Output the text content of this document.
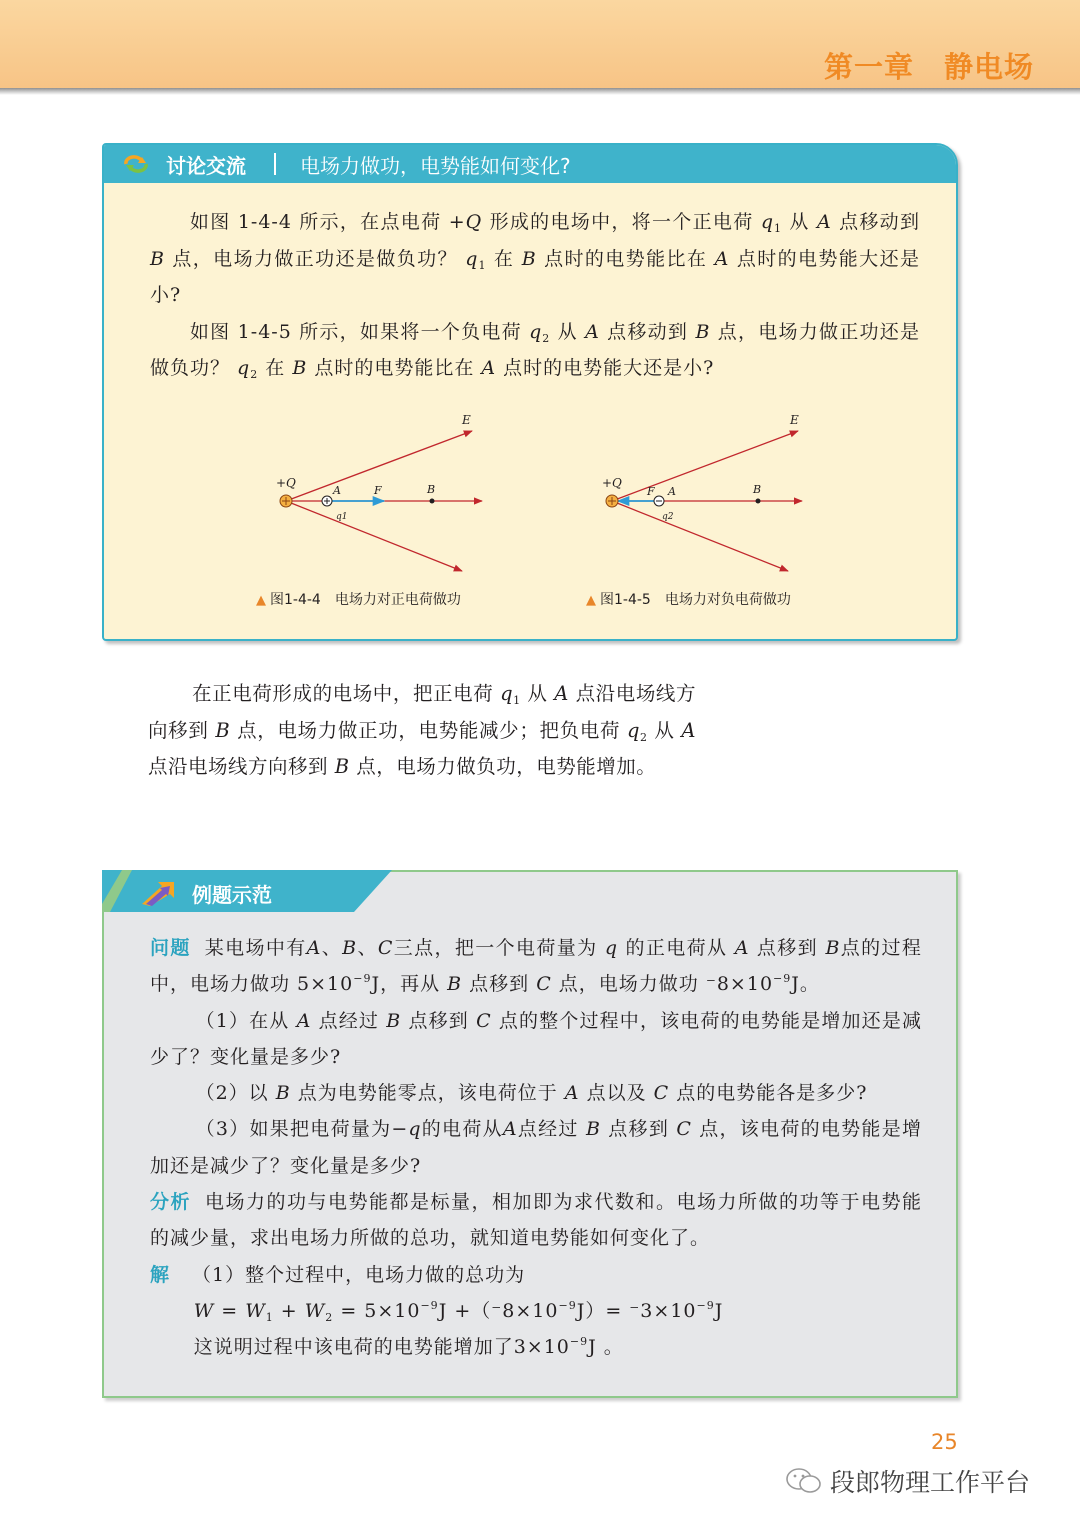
第一章 静电场
讨论交流	电场力做功，电势能如何变化?

如图 1-4-4 所示，在点电荷 +Q 形成的电场中，将一个正电荷 $q_1$ 从 A 点移动到 B 点，电场力做正功还是做负功？ $q_1$ 在 B 点时的电势能比在 A 点时的电势能大还是小?

如图 1-4-5 所示，如果将一个负电荷 $q_2$ 从 A 点移动到 B 点，电场力做正功还是做负功？ $q_2$ 在 B 点时的电势能比在 A 点时的电势能大还是小?

+Q
E
A	F	B
q1
▲ 图1-4-4 电场力对正电荷做功
+Q
E
F A	B
q2
▲ 图1-4-5 电场力对负电荷做功
在正电荷形成的电场中，把正电荷 $q_1$ 从 A 点沿电场线方向移到 B 点，电场力做正功，电势能减少；把负电荷 $q_2$ 从 A 点沿电场线方向移到 B 点，电场力做负功，电势能增加。
例题示范
问题 某电场中有A、B、C三点，把一个电荷量为 q 的正电荷从 A 点移到 B点的过程中，电场力做功 $5\times 10^{-9}J$，再从 B 点移到 C 点，电场力做功 $^-8\times 10^{-9}J$。
（1）在从 A 点经过 B 点移到 C 点的整个过程中，该电荷的电势能是增加还是减少了？变化量是多少?
（2）以 B 点为电势能零点，该电荷位于 A 点以及 C 点的电势能各是多少?
（3）如果把电荷量为−q的电荷从A点经过 B 点移到 C 点，该电荷的电势能是增加还是减少了？变化量是多少?
分析 电场力的功与电势能都是标量，相加即为求代数和。电场力所做的功等于电势能的减少量，求出电场力所做的总功，就知道电势能如何变化了。
解 （1）整个过程中，电场力做的总功为
$W = W_1 + W_2 = 5\times 10^{-9}J +(^-8\times 10^{-9}J)= ^-3\times 10^{-9}J$
这说明过程中该电荷的电势能增加了$3\times 10^{-9}J$ 。
25
段郎物理工作平台
